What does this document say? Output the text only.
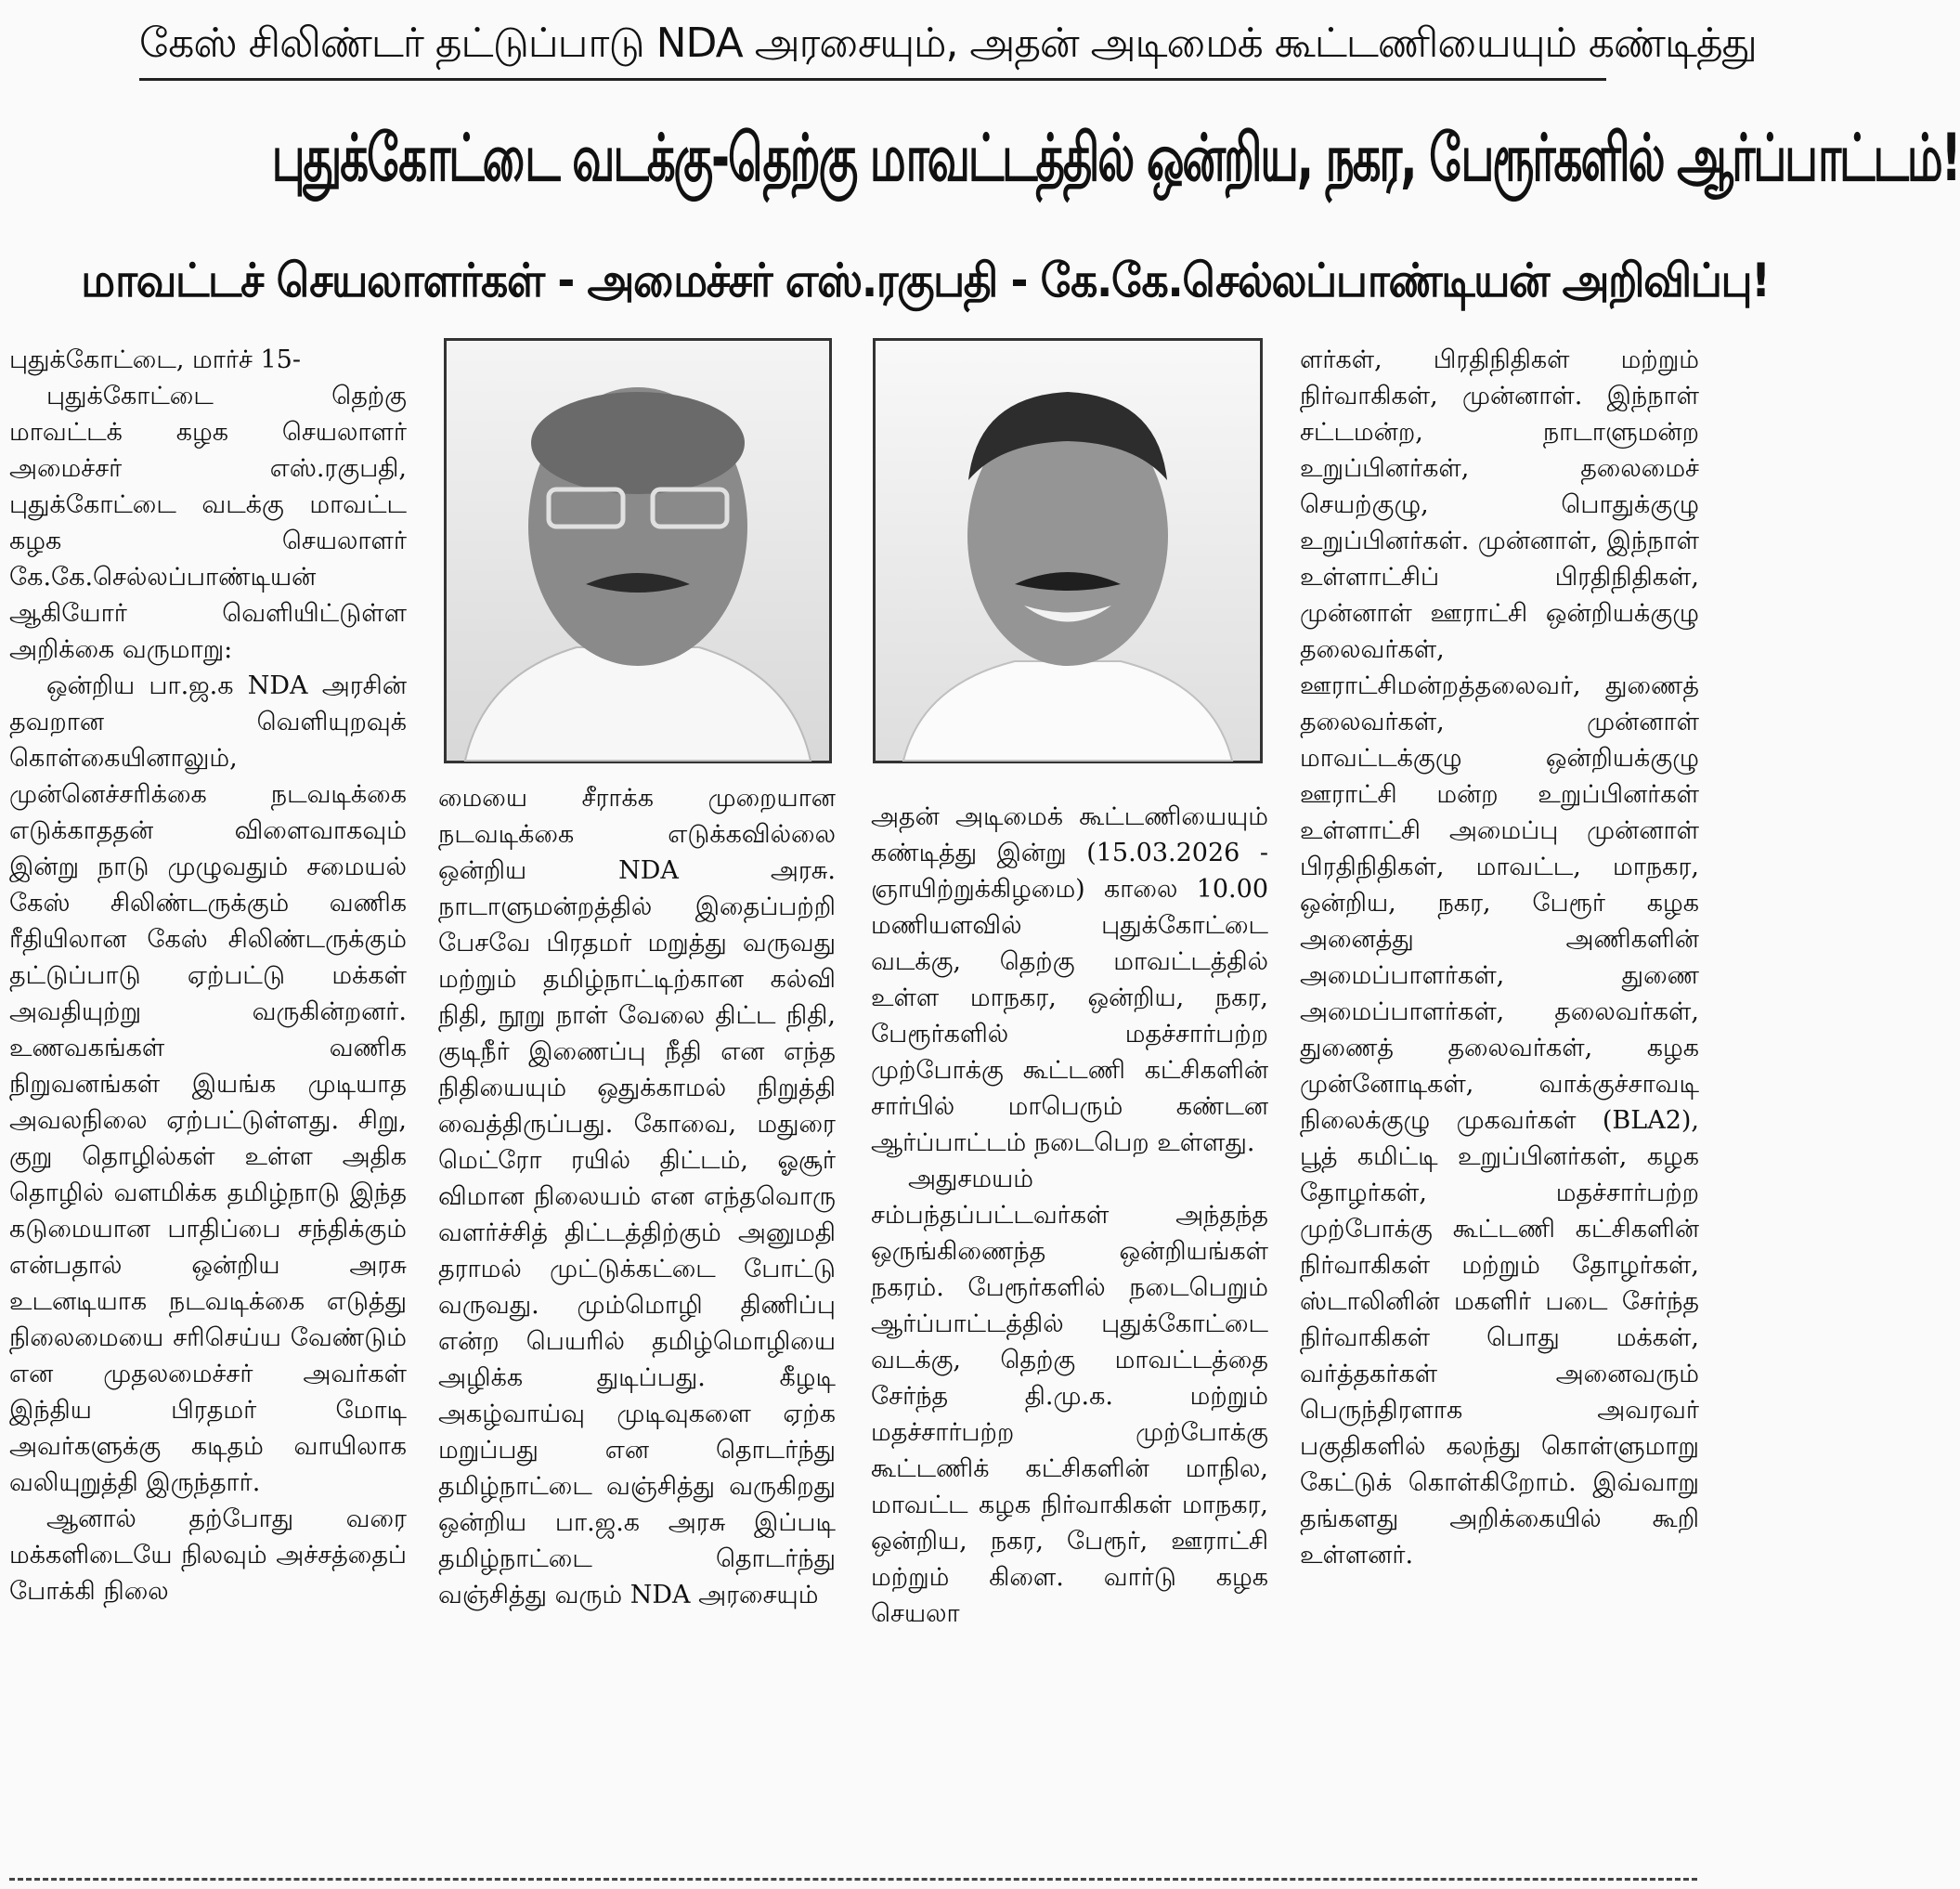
கேஸ் சிலிண்டர் தட்டுப்பாடு NDA அரசையும், அதன் அடிமைக் கூட்டணியையும் கண்டித்து
புதுக்கோட்டை வடக்கு-தெற்கு மாவட்டத்தில் ஒன்றிய, நகர, பேரூர்களில் ஆர்ப்பாட்டம்!
மாவட்டச் செயலாளர்கள் - அமைச்சர் எஸ்.ரகுபதி - கே.கே.செல்லப்பாண்டியன் அறிவிப்பு!

புதுக்கோட்டை, மார்ச் 15-

புதுக்கோட்டை தெற்கு மாவட்டக் கழக செயலாளர் அமைச்சர் எஸ்.ரகுபதி, புதுக்கோட்டை வடக்கு மாவட்ட கழக செயலாளர் கே.கே.செல்லப்பாண்டியன் ஆகியோர் வெளியிட்டுள்ள அறிக்கை வருமாறு:

ஒன்றிய பா.ஜ.க NDA அரசின் தவறான வெளியுறவுக் கொள்கையினாலும், முன்னெச்சரிக்கை நடவடிக்கை எடுக்காததன் விளைவாகவும் இன்று நாடு முழுவதும் சமையல் கேஸ் சிலிண்டருக்கும் வணிக ரீதியிலான கேஸ் சிலிண்டருக்கும் தட்டுப்பாடு ஏற்பட்டு மக்கள் அவதியுற்று வருகின்றனர். உணவகங்கள் வணிக நிறுவனங்கள் இயங்க முடியாத அவலநிலை ஏற்பட்டுள்ளது. சிறு, குறு தொழில்கள் உள்ள அதிக தொழில் வளமிக்க தமிழ்நாடு இந்த கடுமையான பாதிப்பை சந்திக்கும் என்பதால் ஒன்றிய அரசு உடனடியாக நடவடிக்கை எடுத்து நிலைமையை சரிசெய்ய வேண்டும் என முதலமைச்சர் அவர்கள் இந்திய பிரதமர் மோடி அவர்களுக்கு கடிதம் வாயிலாக வலியுறுத்தி இருந்தார்.

ஆனால் தற்போது வரை மக்களிடையே நிலவும் அச்சத்தைப் போக்கி நிலை

மையை சீராக்க முறையான நடவடிக்கை எடுக்கவில்லை ஒன்றிய NDA அரசு. நாடாளுமன்றத்தில் இதைப்பற்றி பேசவே பிரதமர் மறுத்து வருவது மற்றும் தமிழ்நாட்டிற்கான கல்வி நிதி, நூறு நாள் வேலை திட்ட நிதி, குடிநீர் இணைப்பு நீதி என எந்த நிதியையும் ஒதுக்காமல் நிறுத்தி வைத்திருப்பது. கோவை, மதுரை மெட்ரோ ரயில் திட்டம், ஓசூர் விமான நிலையம் என எந்தவொரு வளர்ச்சித் திட்டத்திற்கும் அனுமதி தராமல் முட்டுக்கட்டை போட்டு வருவது. மும்மொழி திணிப்பு என்ற பெயரில் தமிழ்மொழியை அழிக்க துடிப்பது. கீழடி அகழ்வாய்வு முடிவுகளை ஏற்க மறுப்பது என தொடர்ந்து தமிழ்நாட்டை வஞ்சித்து வருகிறது ஒன்றிய பா.ஜ.க அரசு இப்படி தமிழ்நாட்டை தொடர்ந்து வஞ்சித்து வரும் NDA அரசையும்

அதன் அடிமைக் கூட்டணியையும் கண்டித்து இன்று (15.03.2026 - ஞாயிற்றுக்கிழமை) காலை 10.00 மணியளவில் புதுக்கோட்டை வடக்கு, தெற்கு மாவட்டத்தில் உள்ள மாநகர, ஒன்றிய, நகர, பேரூர்களில் மதச்சார்பற்ற முற்போக்கு கூட்டணி கட்சிகளின் சார்பில் மாபெரும் கண்டன ஆர்ப்பாட்டம் நடைபெற உள்ளது.

அதுசமயம் சம்பந்தப்பட்டவர்கள் அந்தந்த ஒருங்கிணைந்த ஒன்றியங்கள் நகரம். பேரூர்களில் நடைபெறும் ஆர்ப்பாட்டத்தில் புதுக்கோட்டை வடக்கு, தெற்கு மாவட்டத்தை சேர்ந்த தி.மு.க. மற்றும் மதச்சார்பற்ற முற்போக்கு கூட்டணிக் கட்சிகளின் மாநில, மாவட்ட கழக நிர்வாகிகள் மாநகர, ஒன்றிய, நகர, பேரூர், ஊராட்சி மற்றும் கிளை. வார்டு கழக செயலா

ளர்கள், பிரதிநிதிகள் மற்றும் நிர்வாகிகள், முன்னாள். இந்நாள் சட்டமன்ற, நாடாளுமன்ற உறுப்பினர்கள், தலைமைச் செயற்குழு, பொதுக்குழு உறுப்பினர்கள். முன்னாள், இந்நாள் உள்ளாட்சிப் பிரதிநிதிகள், முன்னாள் ஊராட்சி ஒன்றியக்குழு தலைவர்கள், ஊராட்சிமன்றத்தலைவர், துணைத் தலைவர்கள், முன்னாள் மாவட்டக்குழு ஒன்றியக்குழு ஊராட்சி மன்ற உறுப்பினர்கள் உள்ளாட்சி அமைப்பு முன்னாள் பிரதிநிதிகள், மாவட்ட, மாநகர, ஒன்றிய, நகர, பேரூர் கழக அனைத்து அணிகளின் அமைப்பாளர்கள், துணை அமைப்பாளர்கள், தலைவர்கள், துணைத் தலைவர்கள், கழக முன்னோடிகள், வாக்குச்சாவடி நிலைக்குழு முகவர்கள் (BLA2), பூத் கமிட்டி உறுப்பினர்கள், கழக தோழர்கள், மதச்சார்பற்ற முற்போக்கு கூட்டணி கட்சிகளின் நிர்வாகிகள் மற்றும் தோழர்கள், ஸ்டாலினின் மகளிர் படை சேர்ந்த நிர்வாகிகள் பொது மக்கள், வர்த்தகர்கள் அனைவரும் பெருந்திரளாக அவரவர் பகுதிகளில் கலந்து கொள்ளுமாறு கேட்டுக் கொள்கிறோம். இவ்வாறு தங்களது அறிக்கையில் கூறி உள்ளனர்.
